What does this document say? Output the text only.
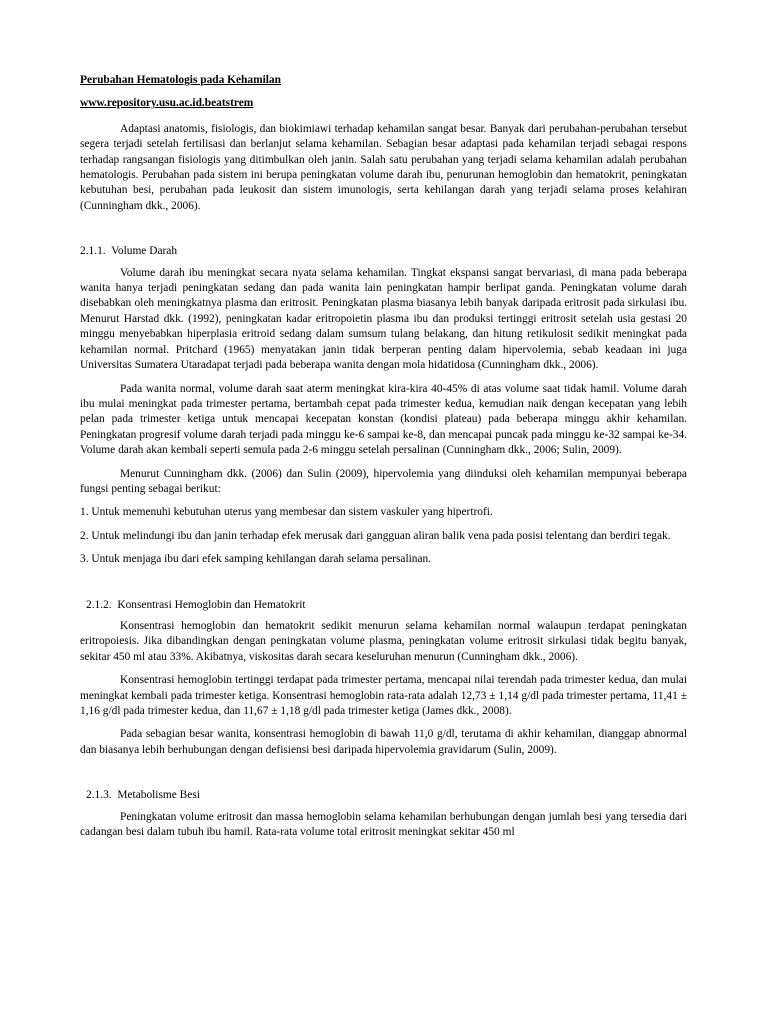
Perubahan Hematologis pada Kehamilan
www.repository.usu.ac.id.beatstrem

Adaptasi anatomis, fisiologis, dan biokimiawi terhadap kehamilan sangat besar. Banyak dari perubahan-perubahan tersebut segera terjadi setelah fertilisasi dan berlanjut selama kehamilan. Sebagian besar adaptasi pada kehamilan terjadi sebagai respons terhadap rangsangan fisiologis yang ditimbulkan oleh janin. Salah satu perubahan yang terjadi selama kehamilan adalah perubahan hematologis. Perubahan pada sistem ini berupa peningkatan volume darah ibu, penurunan hemoglobin dan hematokrit, peningkatan kebutuhan besi, perubahan pada leukosit dan sistem imunologis, serta kehilangan darah yang terjadi selama proses kelahiran (Cunningham dkk., 2006).

2.1.1. Volume Darah

Volume darah ibu meningkat secara nyata selama kehamilan. Tingkat ekspansi sangat bervariasi, di mana pada beberapa wanita hanya terjadi peningkatan sedang dan pada wanita lain peningkatan hampir berlipat ganda. Peningkatan volume darah disebabkan oleh meningkatnya plasma dan eritrosit. Peningkatan plasma biasanya lebih banyak daripada eritrosit pada sirkulasi ibu. Menurut Harstad dkk. (1992), peningkatan kadar eritropoietin plasma ibu dan produksi tertinggi eritrosit setelah usia gestasi 20 minggu menyebabkan hiperplasia eritroid sedang dalam sumsum tulang belakang, dan hitung retikulosit sedikit meningkat pada kehamilan normal. Pritchard (1965) menyatakan janin tidak berperan penting dalam hipervolemia, sebab keadaan ini juga Universitas Sumatera Utaradapat terjadi pada beberapa wanita dengan mola hidatidosa (Cunningham dkk., 2006).

Pada wanita normal, volume darah saat aterm meningkat kira-kira 40-45% di atas volume saat tidak hamil. Volume darah ibu mulai meningkat pada trimester pertama, bertambah cepat pada trimester kedua, kemudian naik dengan kecepatan yang lebih pelan pada trimester ketiga untuk mencapai kecepatan konstan (kondisi plateau) pada beberapa minggu akhir kehamilan. Peningkatan progresif volume darah terjadi pada minggu ke-6 sampai ke-8, dan mencapai puncak pada minggu ke-32 sampai ke-34. Volume darah akan kembali seperti semula pada 2-6 minggu setelah persalinan (Cunningham dkk., 2006; Sulin, 2009).

Menurut Cunningham dkk. (2006) dan Sulin (2009), hipervolemia yang diinduksi oleh kehamilan mempunyai beberapa fungsi penting sebagai berikut:

1. Untuk memenuhi kebutuhan uterus yang membesar dan sistem vaskuler yang hipertrofi.

2. Untuk melindungi ibu dan janin terhadap efek merusak dari gangguan aliran balik vena pada posisi telentang dan berdiri tegak.

3. Untuk menjaga ibu dari efek samping kehilangan darah selama persalinan.

2.1.2. Konsentrasi Hemoglobin dan Hematokrit

Konsentrasi hemoglobin dan hematokrit sedikit menurun selama kehamilan normal walaupun terdapat peningkatan eritropoiesis. Jika dibandingkan dengan peningkatan volume plasma, peningkatan volume eritrosit sirkulasi tidak begitu banyak, sekitar 450 ml atau 33%. Akibatnya, viskositas darah secara keseluruhan menurun (Cunningham dkk., 2006).

Konsentrasi hemoglobin tertinggi terdapat pada trimester pertama, mencapai nilai terendah pada trimester kedua, dan mulai meningkat kembali pada trimester ketiga. Konsentrasi hemoglobin rata-rata adalah 12,73 ± 1,14 g/dl pada trimester pertama, 11,41 ± 1,16 g/dl pada trimester kedua, dan 11,67 ± 1,18 g/dl pada trimester ketiga (James dkk., 2008).

Pada sebagian besar wanita, konsentrasi hemoglobin di bawah 11,0 g/dl, terutama di akhir kehamilan, dianggap abnormal dan biasanya lebih berhubungan dengan defisiensi besi daripada hipervolemia gravidarum (Sulin, 2009).

2.1.3. Metabolisme Besi

Peningkatan volume eritrosit dan massa hemoglobin selama kehamilan berhubungan dengan jumlah besi yang tersedia dari cadangan besi dalam tubuh ibu hamil. Rata-rata volume total eritrosit meningkat sekitar 450 ml
